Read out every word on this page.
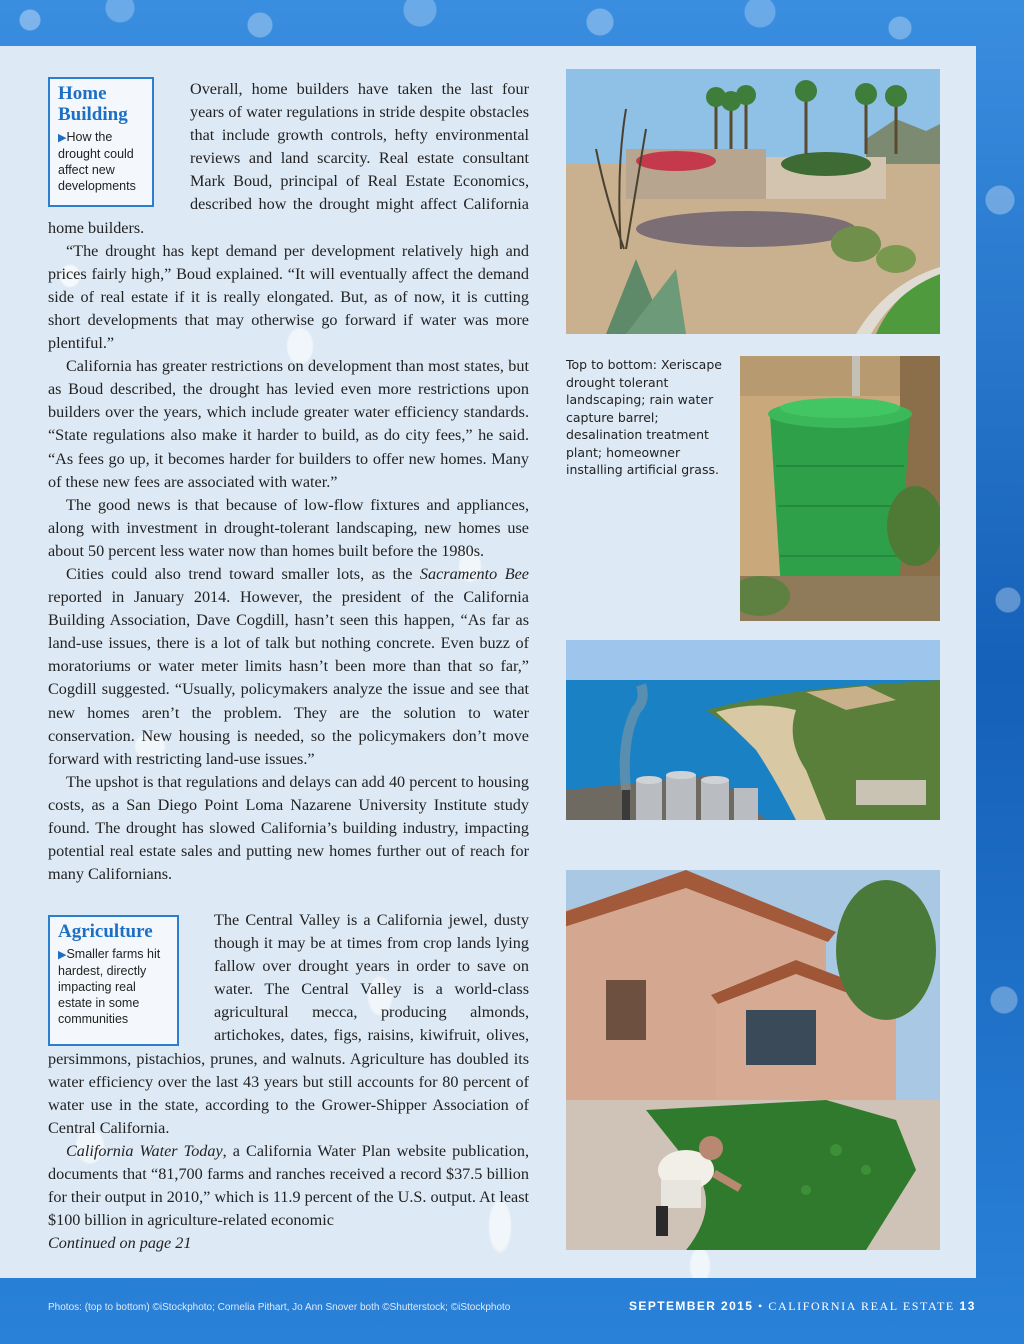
Overall, home builders have taken the last four years of water regulations in stride despite obstacles that include growth controls, hefty environmental reviews and land scarcity. Real estate consultant Mark Boud, principal of Real Estate Economics, described how the drought might affect California home builders.

“The drought has kept demand per development relatively high and prices fairly high,” Boud explained. “It will eventually affect the demand side of real estate if it is really elongated. But, as of now, it is cutting short developments that may otherwise go forward if water was more plentiful.”

California has greater restrictions on development than most states, but as Boud described, the drought has levied even more restrictions upon builders over the years, which include greater water efficiency standards. “State regulations also make it harder to build, as do city fees,” he said. “As fees go up, it becomes harder for builders to offer new homes. Many of these new fees are associated with water.”

The good news is that because of low-flow fixtures and appliances, along with investment in drought-tolerant landscaping, new homes use about 50 percent less water now than homes built before the 1980s.

Cities could also trend toward smaller lots, as the Sacramento Bee reported in January 2014. However, the president of the California Building Association, Dave Cogdill, hasn’t seen this happen, “As far as land-use issues, there is a lot of talk but nothing concrete. Even buzz of moratoriums or water meter limits hasn’t been more than that so far,” Cogdill suggested. “Usually, policymakers analyze the issue and see that new homes aren’t the problem. They are the solution to water conservation. New housing is needed, so the policymakers don’t move forward with restricting land-use issues.”

The upshot is that regulations and delays can add 40 percent to housing costs, as a San Diego Point Loma Nazarene University Institute study found. The drought has slowed California’s building industry, impacting potential real estate sales and putting new homes further out of reach for many Californians.

Home Building
▶How the drought could affect new developments

The Central Valley is a California jewel, dusty though it may be at times from crop lands lying fallow over drought years in order to save on water. The Central Valley is a world-class agricultural mecca, producing almonds, artichokes, dates, figs, raisins, kiwifruit, olives, persimmons, pistachios, prunes, and walnuts. Agriculture has doubled its water efficiency over the last 43 years but still accounts for 80 percent of water use in the state, according to the Grower-Shipper Association of Central California.

California Water Today, a California Water Plan website publication, documents that “81,700 farms and ranches received a record $37.5 billion for their output in 2010,” which is 11.9 percent of the U.S. output. At least $100 billion in agriculture-related economic

Continued on page 21

Agriculture
▶Smaller farms hit hardest, directly impacting real estate in some communities
Top to bottom: Xeriscape drought tolerant landscaping; rain water capture barrel; desalination treatment plant; homeowner installing artificial grass.
Photos: (top to bottom) ©iStockphoto; Cornelia Pithart, Jo Ann Snover both ©Shutterstock; ©iStockphoto	SEPTEMBER 2015 • CALIFORNIA REAL ESTATE 13
